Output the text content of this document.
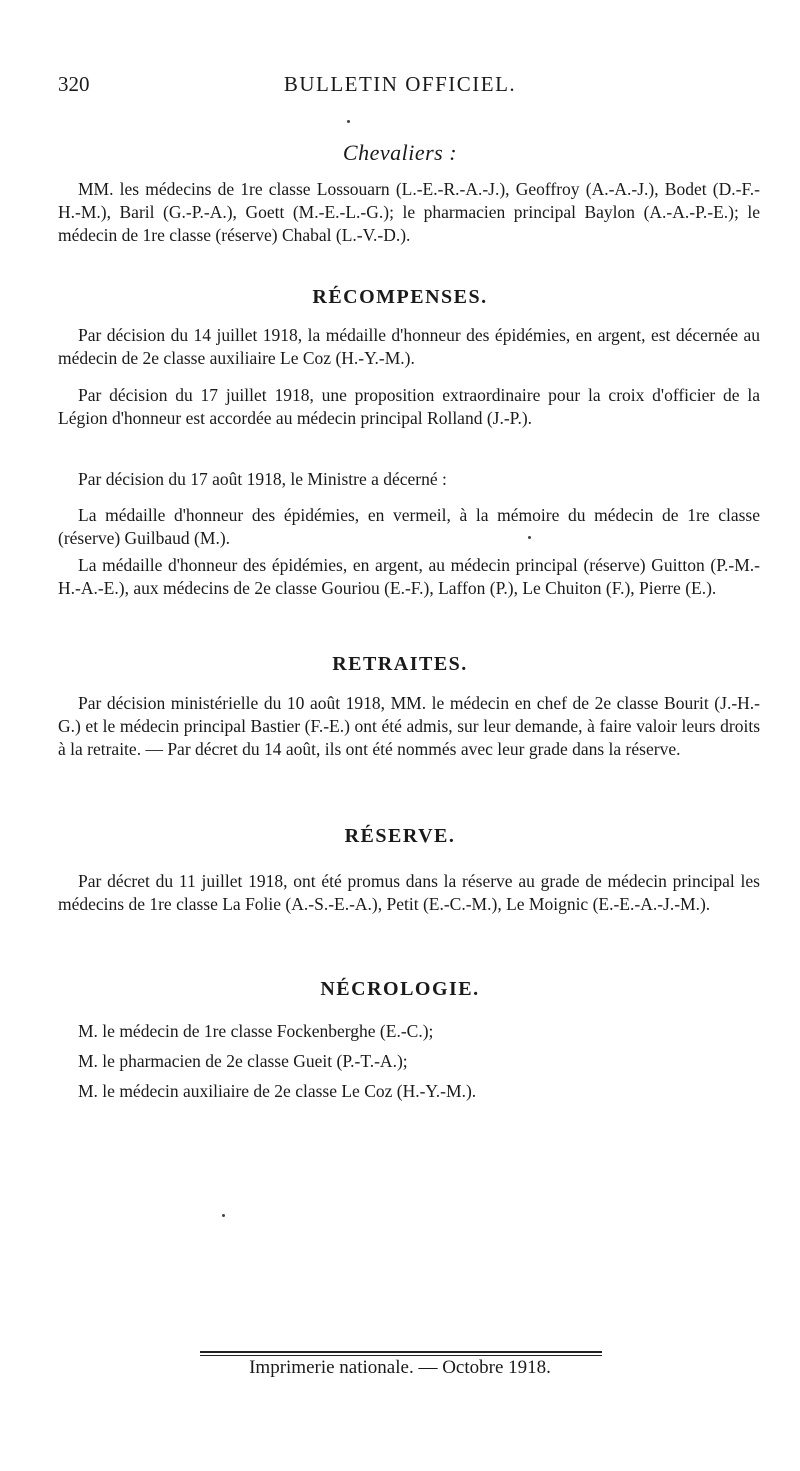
320	BULLETIN OFFICIEL.
Chevaliers :
MM. les médecins de 1re classe Lossouarn (L.-E.-R.-A.-J.), Geoffroy (A.-A.-J.), Bodet (D.-F.-H.-M.), Baril (G.-P.-A.), Goett (M.-E.-L.-G.); le pharmacien principal Baylon (A.-A.-P.-E.); le médecin de 1re classe (réserve) Chabal (L.-V.-D.).
RÉCOMPENSES.
Par décision du 14 juillet 1918, la médaille d'honneur des épidémies, en argent, est décernée au médecin de 2e classe auxiliaire Le Coz (H.-Y.-M.).
Par décision du 17 juillet 1918, une proposition extraordinaire pour la croix d'officier de la Légion d'honneur est accordée au médecin principal Rolland (J.-P.).
Par décision du 17 août 1918, le Ministre a décerné :
La médaille d'honneur des épidémies, en vermeil, à la mémoire du médecin de 1re classe (réserve) Guilbaud (M.).
La médaille d'honneur des épidémies, en argent, au médecin principal (réserve) Guitton (P.-M.-H.-A.-E.), aux médecins de 2e classe Gouriou (E.-F.), Laffon (P.), Le Chuiton (F.), Pierre (E.).
RETRAITES.
Par décision ministérielle du 10 août 1918, MM. le médecin en chef de 2e classe Bourit (J.-H.-G.) et le médecin principal Bastier (F.-E.) ont été admis, sur leur demande, à faire valoir leurs droits à la retraite. — Par décret du 14 août, ils ont été nommés avec leur grade dans la réserve.
RÉSERVE.
Par décret du 11 juillet 1918, ont été promus dans la réserve au grade de médecin principal les médecins de 1re classe La Folie (A.-S.-E.-A.), Petit (E.-C.-M.), Le Moignic (E.-E.-A.-J.-M.).
NÉCROLOGIE.
M. le médecin de 1re classe Fockenberghe (E.-C.);
M. le pharmacien de 2e classe Gueit (P.-T.-A.);
M. le médecin auxiliaire de 2e classe Le Coz (H.-Y.-M.).
Imprimerie nationale. — Octobre 1918.
